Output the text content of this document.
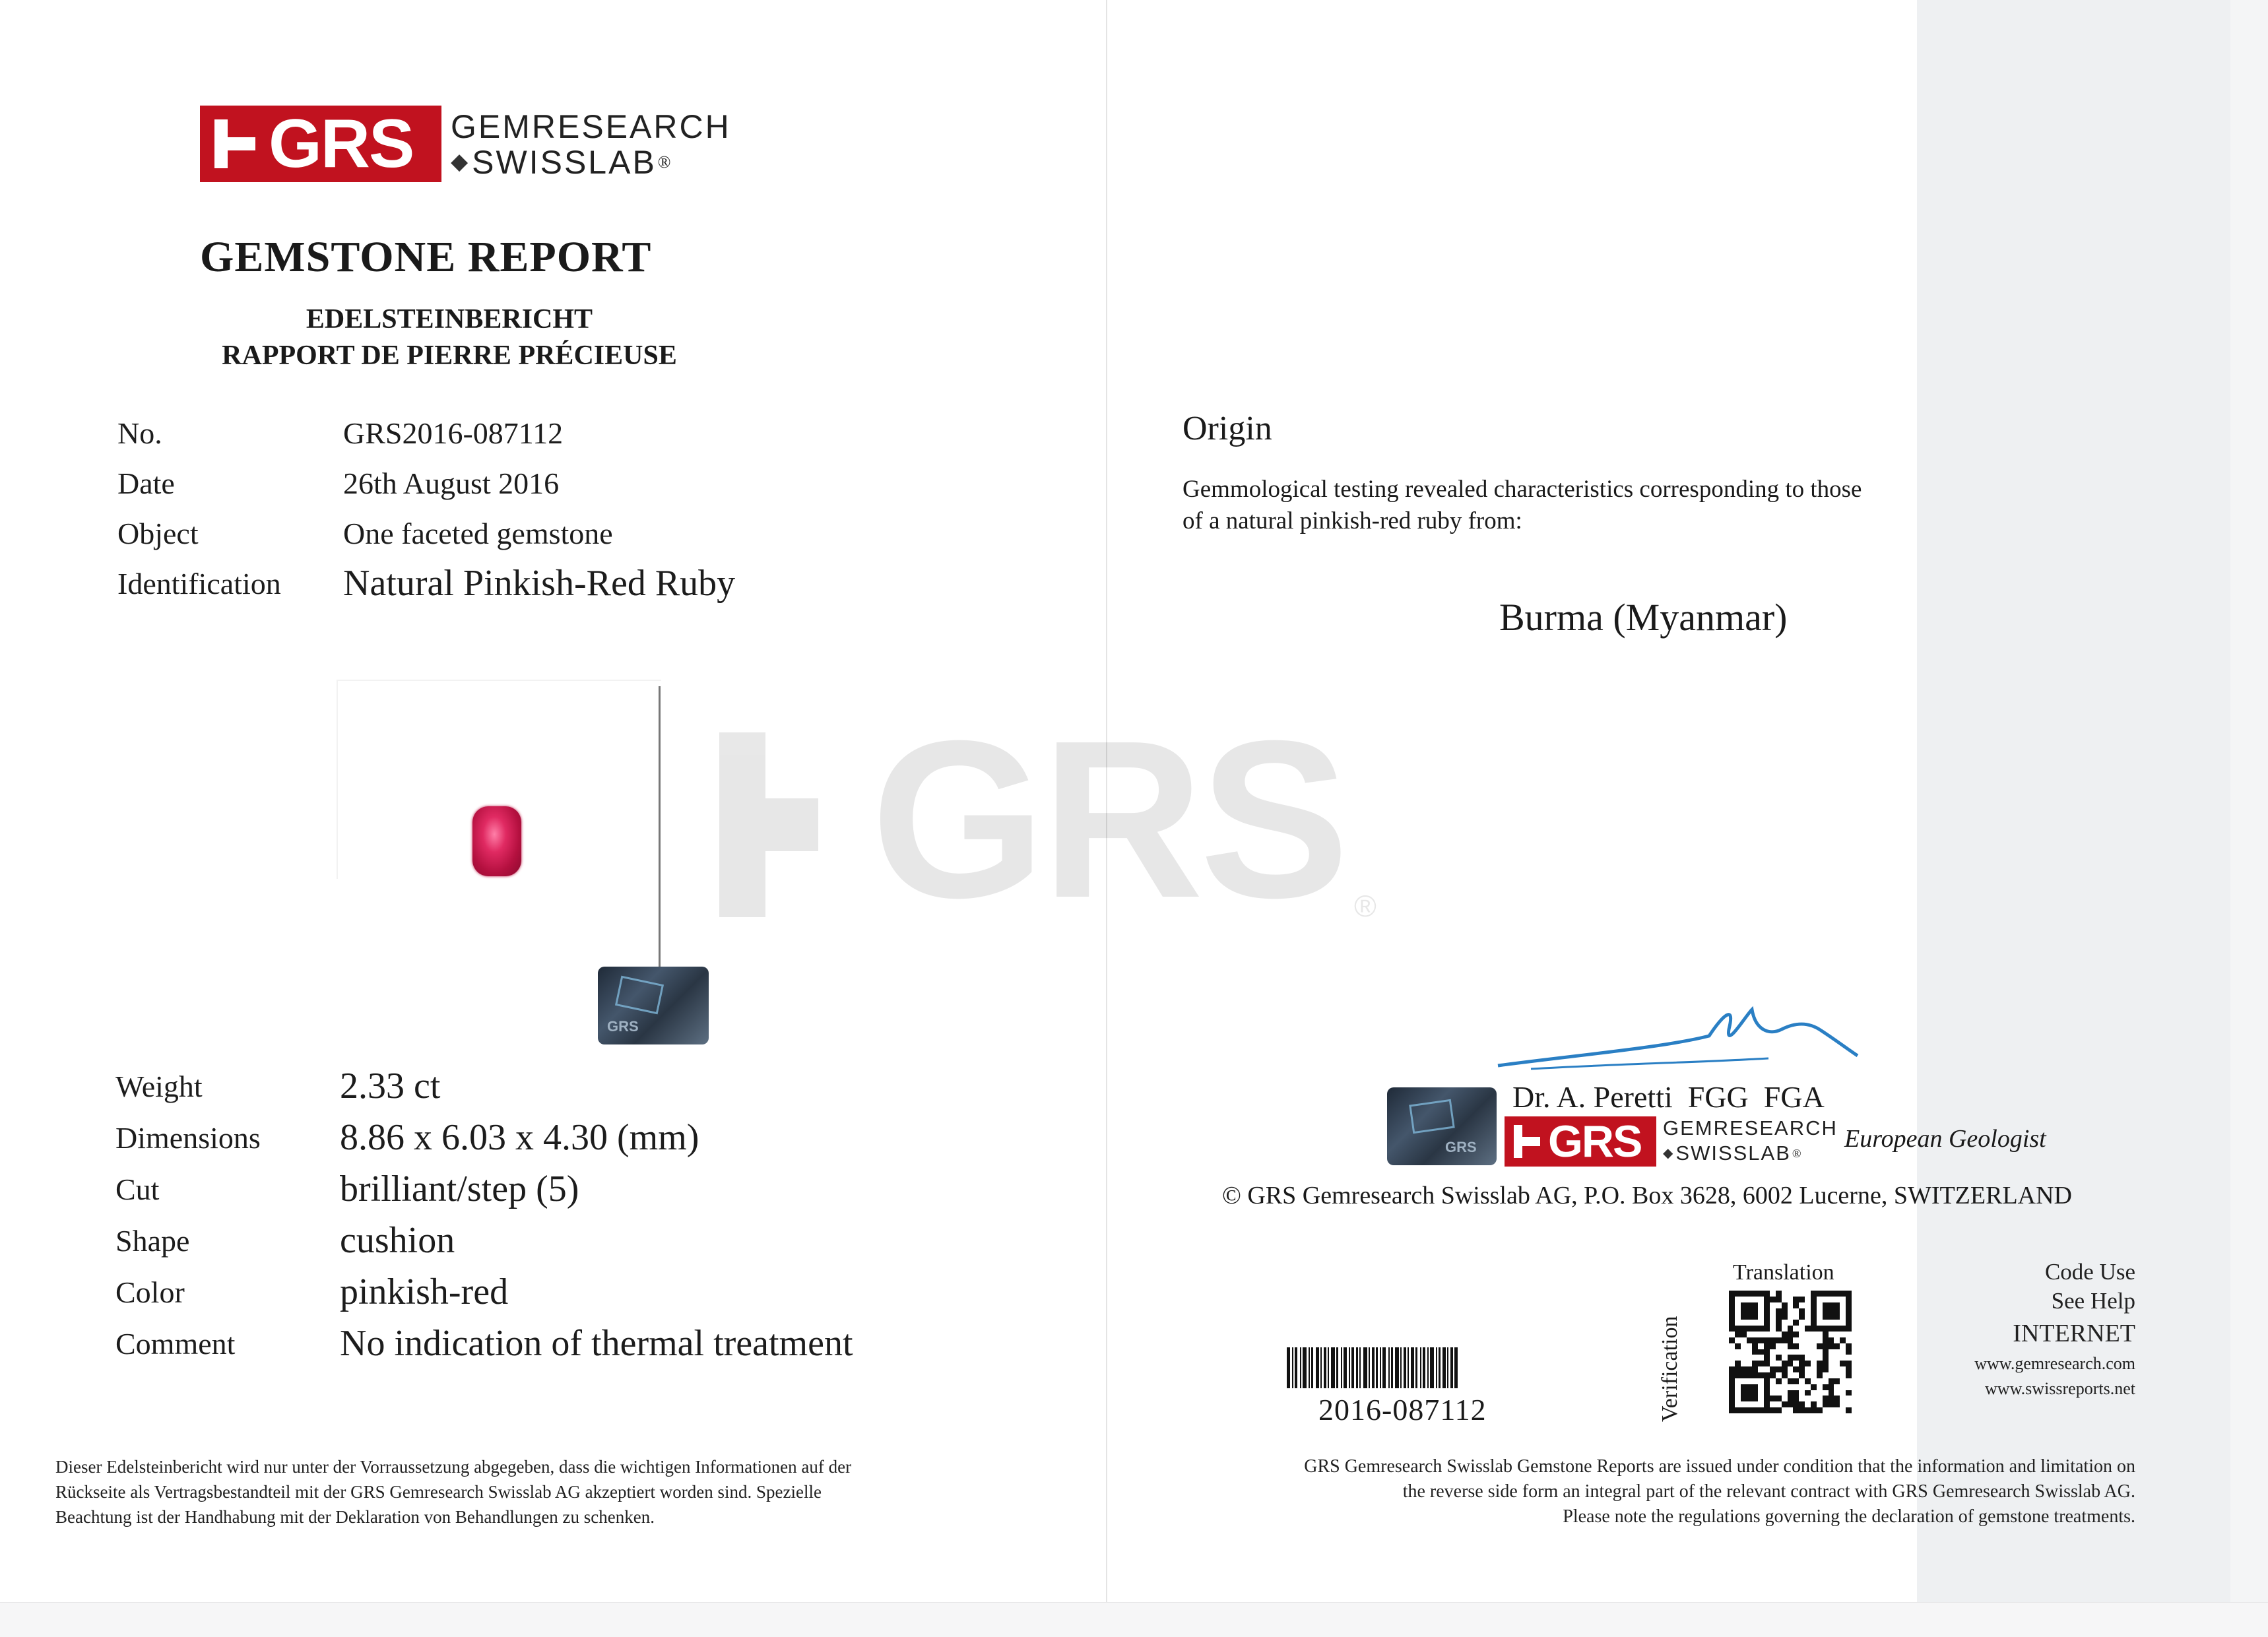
GRS GEMRESEARCH
◆ SWISSLAB ®
GEMSTONE REPORT
EDELSTEINBERICHT
RAPPORT DE PIERRE PRÉCIEUSE
No.	GRS2016-087112
Date	26th August 2016
Object	One faceted gemstone
Identification Natural Pinkish-Red Ruby
GRS
Weight	2.33 ct
Dimensions 8.86 x 6.03 x 4.30 (mm)
Cut	brilliant/step (5)
Shape	cushion
Color	pinkish-red
Comment	No indication of thermal treatment
Dieser Edelsteinbericht wird nur unter der Vorraussetzung abgegeben, dass die wichtigen Informationen auf der
Rückseite als Vertragsbestandteil mit der GRS Gemresearch Swisslab AG akzeptiert worden sind. Spezielle
Beachtung ist der Handhabung mit der Deklaration von Behandlungen zu schenken.
GRS ®
Origin
Gemmological testing revealed characteristics corresponding to those
of a natural pinkish-red ruby from:
Burma (Myanmar)
Dr. A. Peretti  FGG  FGA
GRS GRS GEMRESEARCH
◆ SWISSLAB ®
European Geologist
© GRS Gemresearch Swisslab AG, P.O. Box 3628, 6002 Lucerne, SWITZERLAND
2016-087112
Translation
Verification
Code Use
See Help
INTERNET
www.gemresearch.com
www.swissreports.net
GRS Gemresearch Swisslab Gemstone Reports are issued under condition that the information and limitation on
the reverse side form an integral part of the relevant contract with GRS Gemresearch Swisslab AG.
Please note the regulations governing the declaration of gemstone treatments.
